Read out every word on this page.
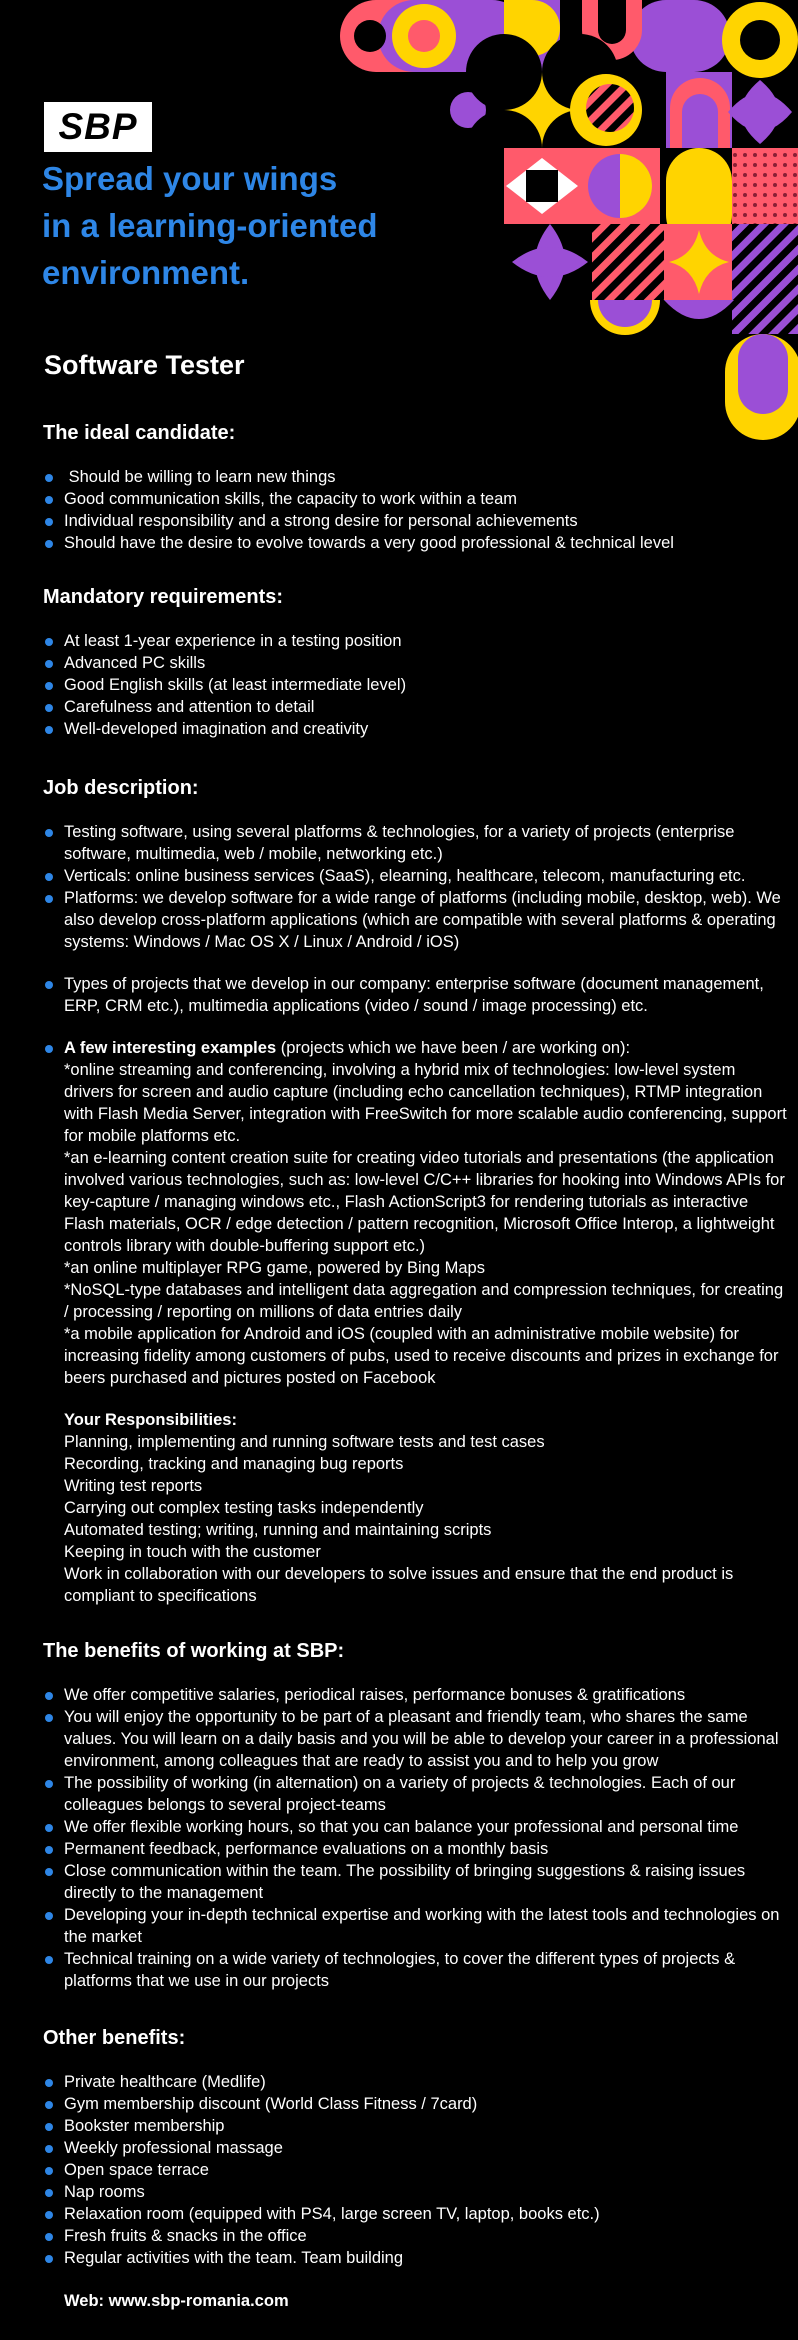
SBP
Spread your wings
in a learning-oriented
environment.
Software Tester
The ideal candidate:
Should be willing to learn new things
Good communication skills, the capacity to work within a team
Individual responsibility and a strong desire for personal achievements
Should have the desire to evolve towards a very good professional & technical level
Mandatory requirements:
At least 1-year experience in a testing position
Advanced PC skills
Good English skills (at least intermediate level)
Carefulness and attention to detail
Well-developed imagination and creativity
Job description:
Testing software, using several platforms & technologies, for a variety of projects (enterprise software, multimedia, web / mobile, networking etc.)
Verticals: online business services (SaaS), elearning, healthcare, telecom, manufacturing etc.
Platforms: we develop software for a wide range of platforms (including mobile, desktop, web). We also develop cross-platform applications (which are compatible with several platforms & operating systems: Windows / Mac OS X / Linux / Android / iOS)
Types of projects that we develop in our company: enterprise software (document management, ERP, CRM etc.), multimedia applications (video / sound / image processing) etc.
A few interesting examples (projects which we have been / are working on):
*online streaming and conferencing, involving a hybrid mix of technologies: low-level system drivers for screen and audio capture (including echo cancellation techniques), RTMP integration with Flash Media Server, integration with FreeSwitch for more scalable audio conferencing, support for mobile platforms etc.
*an e-learning content creation suite for creating video tutorials and presentations (the application involved various technologies, such as: low-level C/C++ libraries for hooking into Windows APIs for key-capture / managing windows etc., Flash ActionScript3 for rendering tutorials as interactive Flash materials, OCR / edge detection / pattern recognition, Microsoft Office Interop, a lightweight controls library with double-buffering support etc.)
*an online multiplayer RPG game, powered by Bing Maps
*NoSQL-type databases and intelligent data aggregation and compression techniques, for creating / processing / reporting on millions of data entries daily
*a mobile application for Android and iOS (coupled with an administrative mobile website) for increasing fidelity among customers of pubs, used to receive discounts and prizes in exchange for beers purchased and pictures posted on Facebook
Your Responsibilities:
Planning, implementing and running software tests and test cases
Recording, tracking and managing bug reports
Writing test reports
Carrying out complex testing tasks independently
Automated testing; writing, running and maintaining scripts
Keeping in touch with the customer
Work in collaboration with our developers to solve issues and ensure that the end product is compliant to specifications
The benefits of working at SBP:
We offer competitive salaries, periodical raises, performance bonuses & gratifications
You will enjoy the opportunity to be part of a pleasant and friendly team, who shares the same values. You will learn on a daily basis and you will be able to develop your career in a professional environment, among colleagues that are ready to assist you and to help you grow
The possibility of working (in alternation) on a variety of projects & technologies. Each of our colleagues belongs to several project-teams
We offer flexible working hours, so that you can balance your professional and personal time
Permanent feedback, performance evaluations on a monthly basis
Close communication within the team. The possibility of bringing suggestions & raising issues directly to the management
Developing your in-depth technical expertise and working with the latest tools and technologies on the market
Technical training on a wide variety of technologies, to cover the different types of projects & platforms that we use in our projects
Other benefits:
Private healthcare (Medlife)
Gym membership discount (World Class Fitness / 7card)
Bookster membership
Weekly professional massage
Open space terrace
Nap rooms
Relaxation room (equipped with PS4, large screen TV, laptop, books etc.)
Fresh fruits & snacks in the office
Regular activities with the team. Team building
Web: www.sbp-romania.com
